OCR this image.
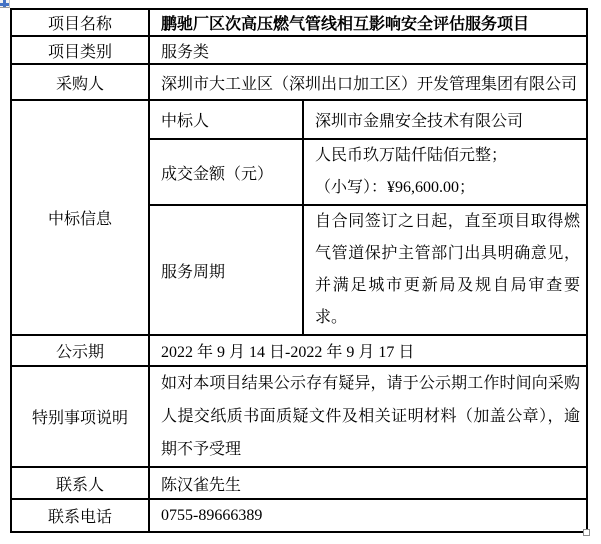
项目名称	鹏驰厂区次高压燃气管线相互影响安全评估服务项目	
项目类别	服务类	
采购人	深圳市大工业区（深圳出口加工区）开发管理集团有限公司	
中标信息	中标人	深圳市金鼎安全技术有限公司
	成交金额（元）	人民币玖万陆仟陆佰元整；
（小写）：¥96,600.00；

	服务周期	自合同签订之日起，直至项目取得燃气管道保护主管部门出具明确意见，并满足城市更新局及规自局审查要求。
公示期	2022 年 9 月 14 日-2022 年 9 月 17 日	
特别事项说明	如对本项目结果公示存有疑异，请于公示期工作时间向采购人提交纸质书面质疑文件及相关证明材料（加盖公章），逾期不予受理	
联系人	陈汉雀先生	
联系电话	0755-89666389	
